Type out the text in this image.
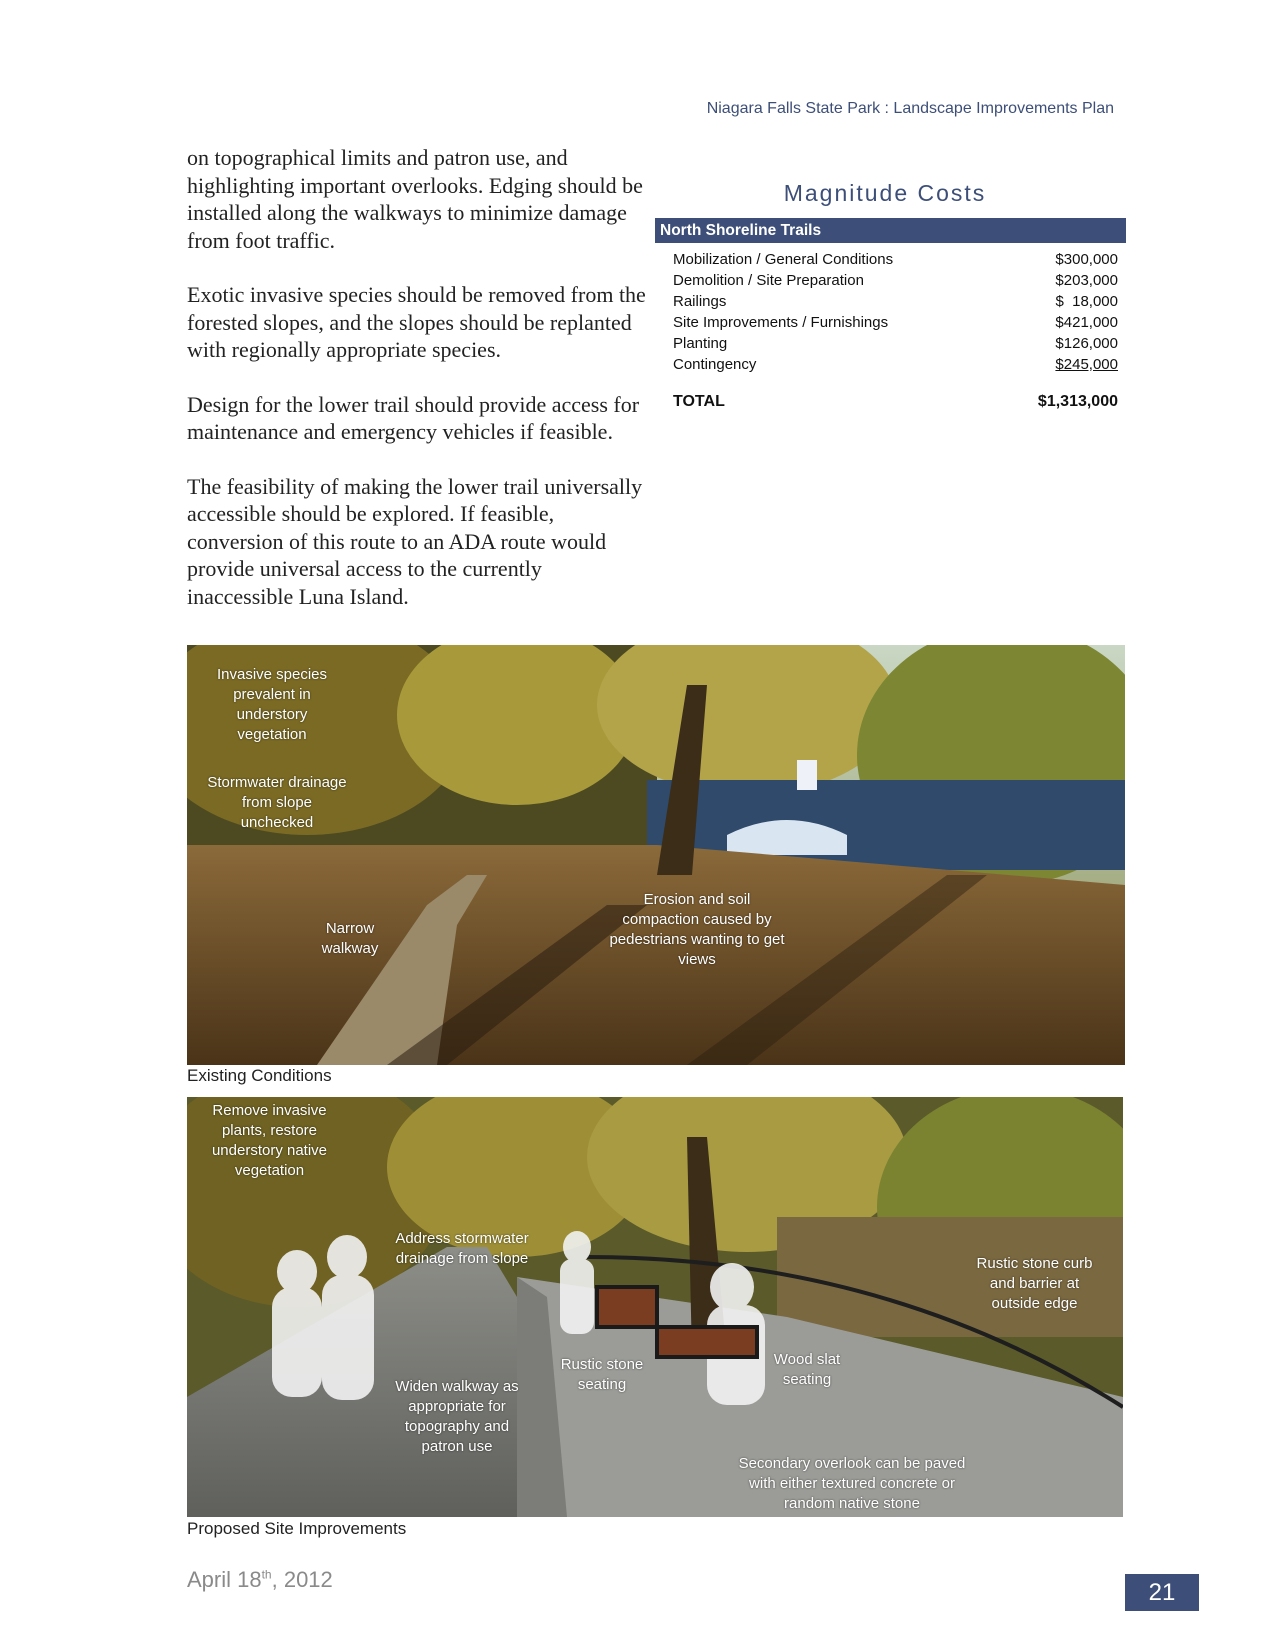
Niagara Falls State Park : Landscape Improvements Plan

on topographical limits and patron use, and highlighting important overlooks. Edging should be installed along the walkways to minimize damage from foot traffic.

Exotic invasive species should be removed from the forested slopes, and the slopes should be replanted with regionally appropriate species.

Design for the lower trail should provide access for maintenance and emergency vehicles if feasible.

The feasibility of making the lower trail universally accessible should be explored. If feasible, conversion of this route to an ADA route would provide universal access to the currently inaccessible Luna Island.

Magnitude Costs
North Shoreline Trails
Mobilization / General Conditions	$300,000
Demolition / Site Preparation	$203,000
Railings	$  18,000
Site Improvements / Furnishings	$421,000
Planting	$126,000
Contingency	$245,000
TOTAL	$1,313,000
Invasive species prevalent in understory vegetation
Stormwater drainage from slope unchecked
Narrow walkway
Erosion and soil compaction caused by pedestrians wanting to get views
Existing Conditions
Remove invasive plants, restore understory native vegetation
Address stormwater drainage from slope
Widen walkway as appropriate for topography and patron use
Rustic stone seating
Wood slat seating
Rustic stone curb and barrier at outside edge
Secondary overlook can be paved with either textured concrete or random native stone
Proposed Site Improvements
April 18th, 2012	21
